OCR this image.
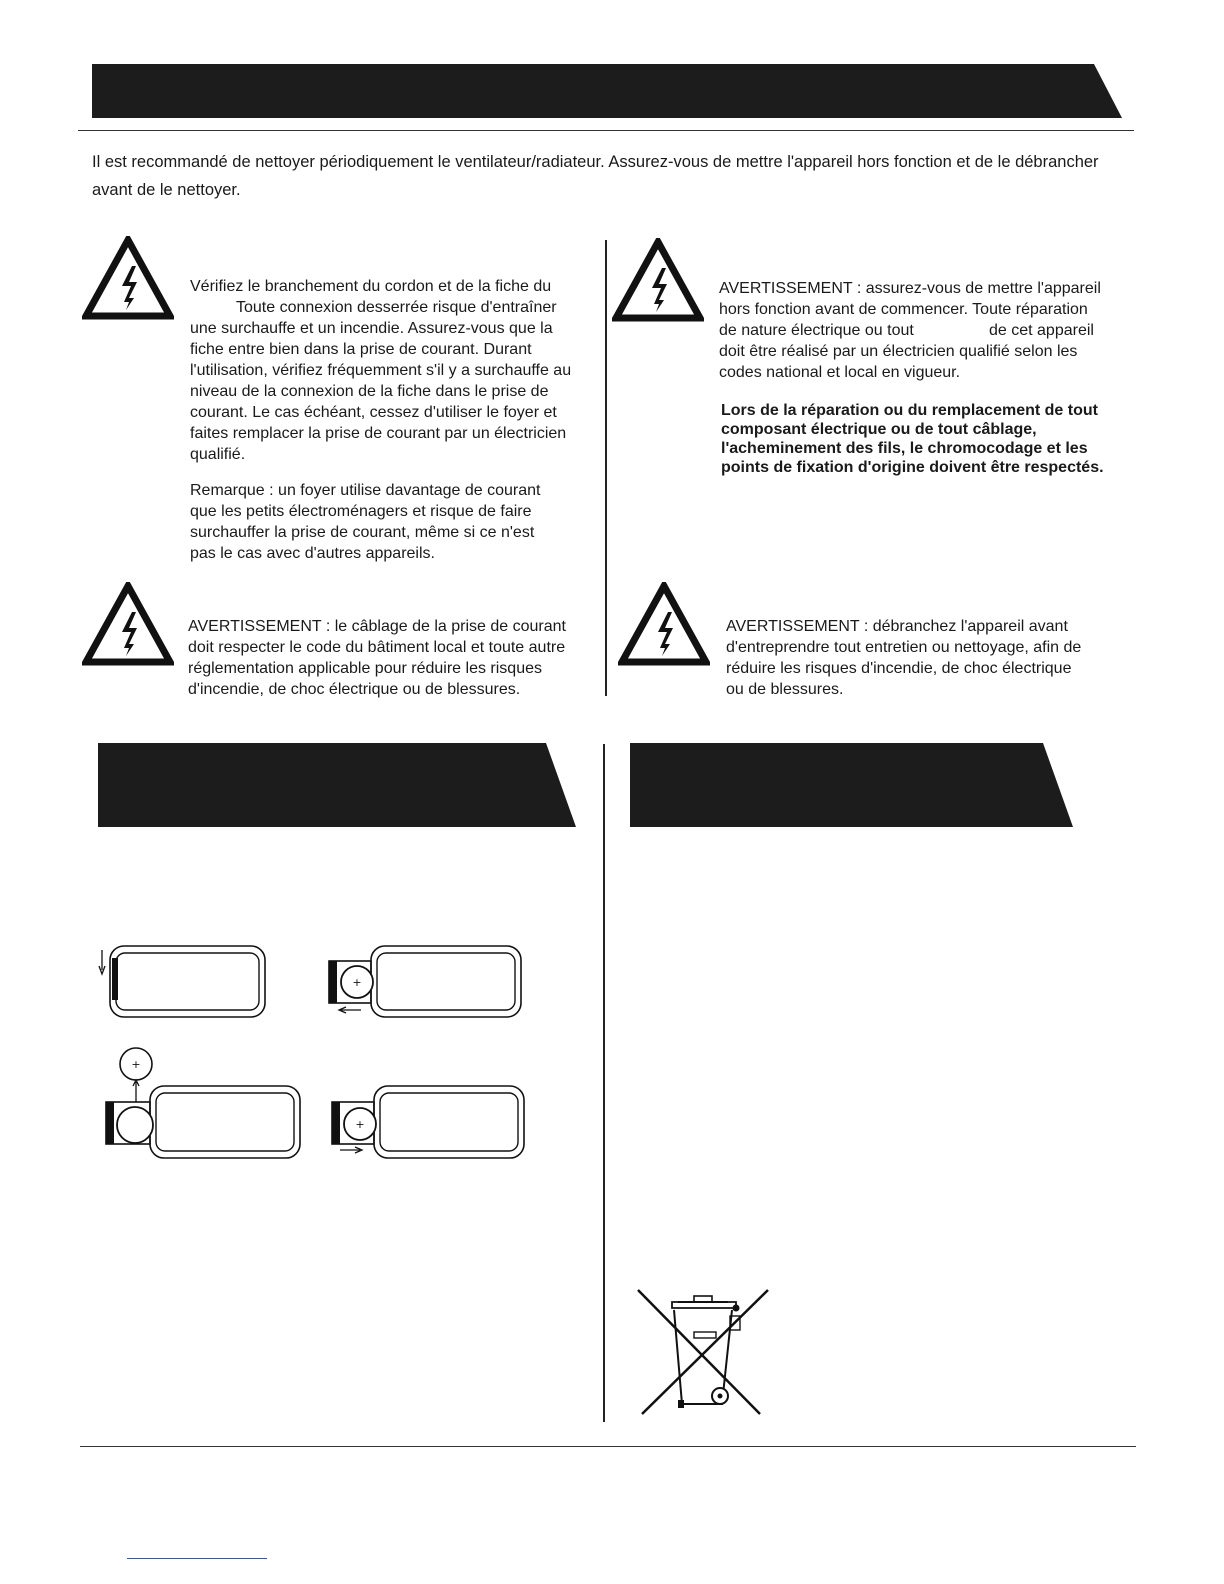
Il est recommandé de nettoyer périodiquement le ventilateur/radiateur. Assurez-vous de mettre l'appareil hors fonction et de le débrancher avant de le nettoyer.
Vérifiez le branchement du cordon et de la fiche du
Toute connexion desserrée risque d'entraîner
une surchauffe et un incendie. Assurez-vous que la
fiche entre bien dans la prise de courant. Durant
l'utilisation, vérifiez fréquemment s'il y a surchauffe au
niveau de la connexion de la fiche dans le prise de
courant. Le cas échéant, cessez d'utiliser le foyer et
faites remplacer la prise de courant par un électricien
qualifié.
Remarque : un foyer utilise davantage de courant
que les petits électroménagers et risque de faire
surchauffer la prise de courant, même si ce n'est
pas le cas avec d'autres appareils.
AVERTISSEMENT : le câblage de la prise de courant
doit respecter le code du bâtiment local et toute autre
réglementation applicable pour réduire les risques
d'incendie, de choc électrique ou de blessures.
AVERTISSEMENT : assurez-vous de mettre l'appareil
hors fonction avant de commencer. Toute réparation
de nature électrique ou tout	de cet appareil
doit être réalisé par un électricien qualifié selon les
codes national et local en vigueur.
Lors de la réparation ou du remplacement de tout
composant électrique ou de tout câblage,
l'acheminement des fils, le chromocodage et les
points de fixation d'origine doivent être respectés.
AVERTISSEMENT : débranchez l'appareil avant
d'entreprendre tout entretien ou nettoyage, afin de
réduire les risques d'incendie, de choc électrique
ou de blessures.
+
+
+
